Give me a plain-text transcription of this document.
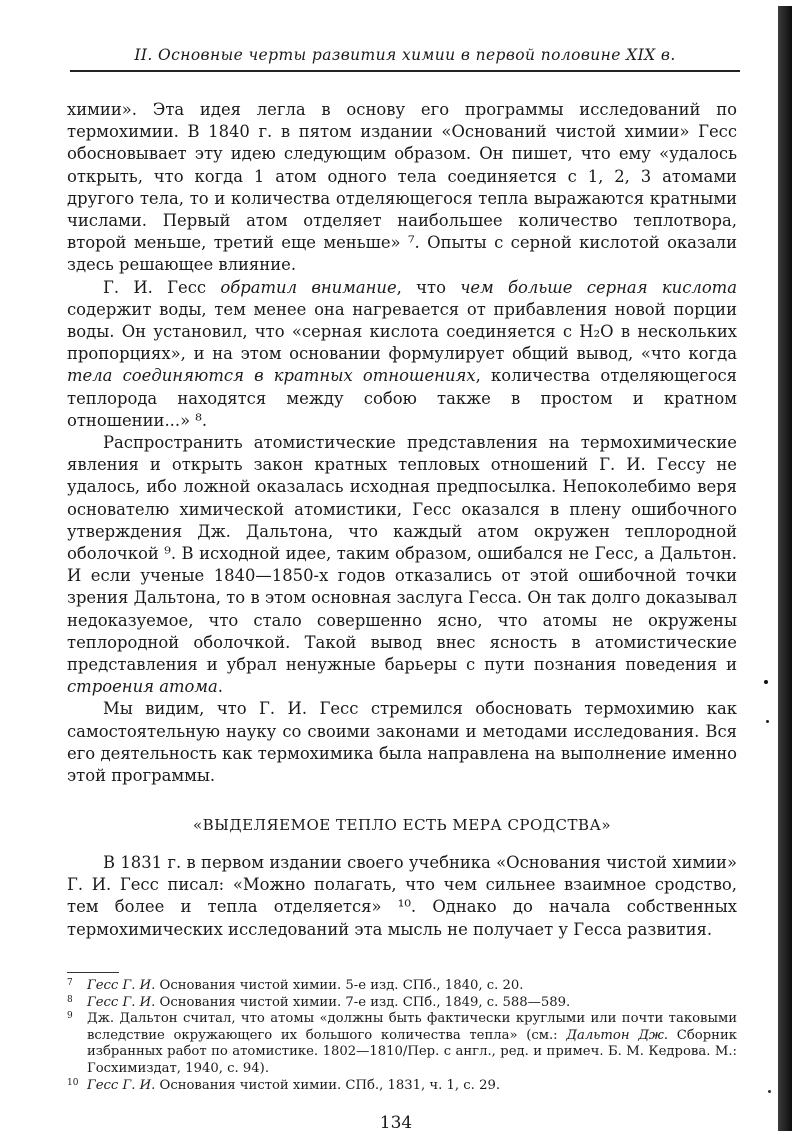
II. Основные черты развития химии в первой половине XIX в.

химии». Эта идея легла в основу его программы исследований по термохимии. В 1840 г. в пятом издании «Оснований чистой химии» Гесс обосновывает эту идею следующим образом. Он пишет, что ему «удалось открыть, что когда 1 атом одного тела соединяется с 1, 2, 3 атомами другого тела, то и количества отделяющегося тепла выражаются кратными числами. Первый атом отделяет наибольшее количество теплотвора, второй меньше, третий еще меньше» ⁷. Опыты с серной кислотой оказали здесь решающее влияние.

Г. И. Гесс обратил внимание, что чем больше серная кислота содержит воды, тем менее она нагревается от прибавления новой порции воды. Он установил, что «серная кислота соединяется с H₂O в нескольких пропорциях», и на этом основании формулирует общий вывод, «что когда тела соединяются в кратных отношениях, количества отделяющегося теплорода находятся между собою также в простом и кратном отношении...» ⁸.

Распространить атомистические представления на термохимические явления и открыть закон кратных тепловых отношений Г. И. Гессу не удалось, ибо ложной оказалась исходная предпосылка. Непоколебимо веря основателю химической атомистики, Гесс оказался в плену ошибочного утверждения Дж. Дальтона, что каждый атом окружен теплородной оболочкой ⁹. В исходной идее, таким образом, ошибался не Гесс, а Дальтон. И если ученые 1840—1850-х годов отказались от этой ошибочной точки зрения Дальтона, то в этом основная заслуга Гесса. Он так долго доказывал недоказуемое, что стало совершенно ясно, что атомы не окружены теплородной оболочкой. Такой вывод внес ясность в атомистические представления и убрал ненужные барьеры с пути познания поведения и строения атома.

Мы видим, что Г. И. Гесс стремился обосновать термохимию как самостоятельную науку со своими законами и методами исследования. Вся его деятельность как термохимика была направлена на выполнение именно этой программы.

«ВЫДЕЛЯЕМОЕ ТЕПЛО ЕСТЬ МЕРА СРОДСТВА»

В 1831 г. в первом издании своего учебника «Основания чистой химии» Г. И. Гесс писал: «Можно полагать, что чем сильнее взаимное сродство, тем более и тепла отделяется» ¹⁰. Однако до начала собственных термохимических исследований эта мысль не получает у Гесса развития.

7 Гесс Г. И. Основания чистой химии. 5-е изд. СПб., 1840, с. 20.
8 Гесс Г. И. Основания чистой химии. 7-е изд. СПб., 1849, с. 588—589.
9 Дж. Дальтон считал, что атомы «должны быть фактически круглыми или почти таковыми вследствие окружающего их большого количества тепла» (см.: Дальтон Дж. Сборник избранных работ по атомистике. 1802—1810/Пер. с англ., ред. и примеч. Б. М. Кедрова. М.: Госхимиздат, 1940, с. 94).
10 Гесс Г. И. Основания чистой химии. СПб., 1831, ч. 1, с. 29.
134
